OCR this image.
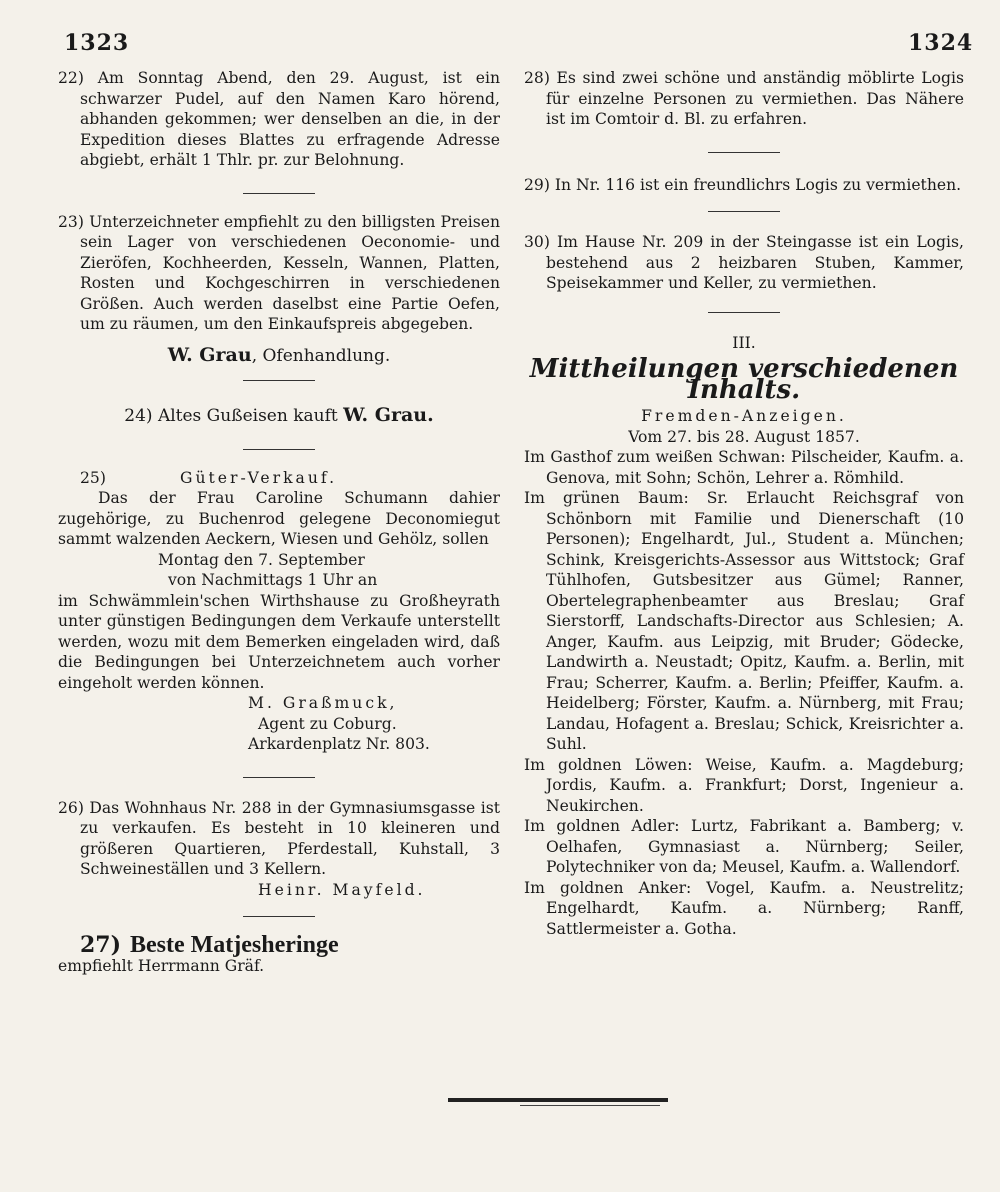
1323	1324

22) Am Sonntag Abend, den 29. August, ist ein schwarzer Pudel, auf den Namen Karo hörend, abhanden gekommen; wer denselben an die, in der Expedition dieses Blattes zu erfragende Adresse abgiebt, erhält 1 Thlr. pr. zur Belohnung.

23) Unterzeichneter empfiehlt zu den billigsten Preisen sein Lager von verschiedenen Oeconomie- und Zieröfen, Kochheerden, Kesseln, Wannen, Platten, Rosten und Kochgeschirren in verschiedenen Größen. Auch werden daselbst eine Partie Oefen, um zu räumen, um den Einkaufspreis abgegeben.

W. Grau, Ofenhandlung.
24) Altes Gußeisen kauft W. Grau.
25)	Güter-Verkauf.

Das der Frau Caroline Schumann dahier zugehörige, zu Buchenrod gelegene Deconomiegut sammt walzenden Aeckern, Wiesen und Gehölz, sollen

Montag den 7. September
von Nachmittags 1 Uhr an

im Schwämmlein'schen Wirthshause zu Großheyrath unter günstigen Bedingungen dem Verkaufe unterstellt werden, wozu mit dem Bemerken eingeladen wird, daß die Bedingungen bei Unterzeichnetem auch vorher eingeholt werden können.

M. Graßmuck,
Agent zu Coburg.
Arkardenplatz Nr. 803.

26) Das Wohnhaus Nr. 288 in der Gymnasiumsgasse ist zu verkaufen. Es besteht in 10 kleineren und größeren Quartieren, Pferdestall, Kuhstall, 3 Schweineställen und 3 Kellern.

Heinr. Mayfeld.
27) Beste Matjesheringe
empfiehlt Herrmann Gräf.

28) Es sind zwei schöne und anständig möblirte Logis für einzelne Personen zu vermiethen. Das Nähere ist im Comtoir d. Bl. zu erfahren.

29) In Nr. 116 ist ein freundlichrs Logis zu vermiethen.

30) Im Hause Nr. 209 in der Steingasse ist ein Logis, bestehend aus 2 heizbaren Stuben, Kammer, Speisekammer und Keller, zu vermiethen.

III.
Mittheilungen verschiedenen Inhalts.
Fremden-Anzeigen.
Vom 27. bis 28. August 1857.

Im Gasthof zum weißen Schwan: Pilscheider, Kaufm. a. Genova, mit Sohn; Schön, Lehrer a. Römhild.

Im grünen Baum: Sr. Erlaucht Reichsgraf von Schönborn mit Familie und Dienerschaft (10 Personen); Engelhardt, Jul., Student a. München; Schink, Kreisgerichts-Assessor aus Wittstock; Graf Tühlhofen, Gutsbesitzer aus Gümel; Ranner, Obertelegraphenbeamter aus Breslau; Graf Sierstorff, Landschafts-Director aus Schlesien; A. Anger, Kaufm. aus Leipzig, mit Bruder; Gödecke, Landwirth a. Neustadt; Opitz, Kaufm. a. Berlin, mit Frau; Scherrer, Kaufm. a. Berlin; Pfeiffer, Kaufm. a. Heidelberg; Förster, Kaufm. a. Nürnberg, mit Frau; Landau, Hofagent a. Breslau; Schick, Kreisrichter a. Suhl.

Im goldnen Löwen: Weise, Kaufm. a. Magdeburg; Jordis, Kaufm. a. Frankfurt; Dorst, Ingenieur a. Neukirchen.

Im goldnen Adler: Lurtz, Fabrikant a. Bamberg; v. Oelhafen, Gymnasiast a. Nürnberg; Seiler, Polytechniker von da; Meusel, Kaufm. a. Wallendorf.

Im goldnen Anker: Vogel, Kaufm. a. Neustrelitz; Engelhardt, Kaufm. a. Nürnberg; Ranff, Sattlermeister a. Gotha.
